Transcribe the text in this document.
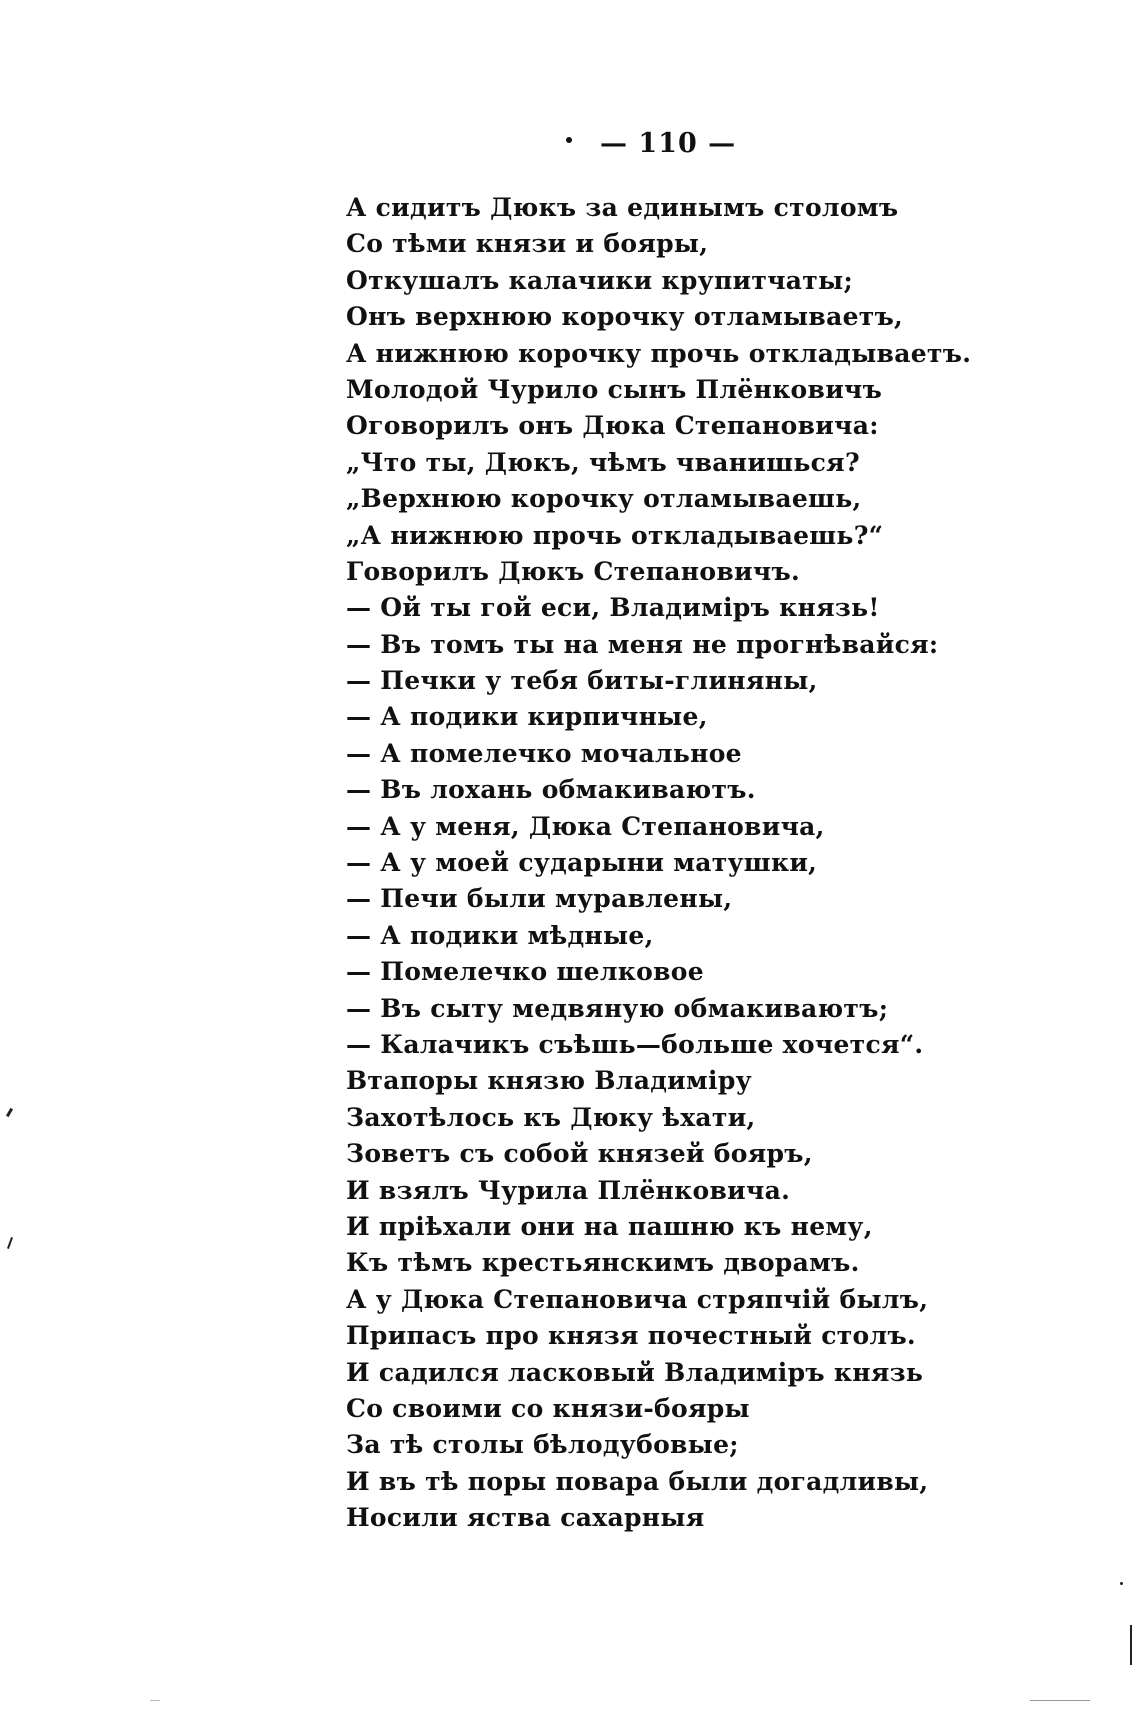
— 110 —
А сидитъ Дюкъ за единымъ столомъ
Со тѣми князи и бояры,
Откушалъ калачики крупитчаты;
Онъ верхнюю корочку отламываетъ,
А нижнюю корочку прочь откладываетъ.
Молодой Чурило сынъ Плёнковичъ
Оговорилъ онъ Дюка Степановича:
„Что ты, Дюкъ, чѣмъ чванишься?
„Верхнюю корочку отламываешь,
„А нижнюю прочь откладываешь?“
Говорилъ Дюкъ Степановичъ.
— Ой ты гой еси, Владиміръ князь!
— Въ томъ ты на меня не прогнѣвайся:
— Печки у тебя биты-глиняны,
— А подики кирпичные,
— А помелечко мочальное
— Въ лохань обмакиваютъ.
— А у меня, Дюка Степановича,
— А у моей сударыни матушки,
— Печи были муравлены,
— А подики мѣдные,
— Помелечко шелковое
— Въ сыту медвяную обмакиваютъ;
— Калачикъ съѣшь—больше хочется“.
Втапоры князю Владиміру
Захотѣлось къ Дюку ѣхати,
Зоветъ съ собой князей бояръ,
И взялъ Чурила Плёнковича.
И пріѣхали они на пашню къ нему,
Къ тѣмъ крестьянскимъ дворамъ.
А у Дюка Степановича стряпчій былъ,
Припасъ про князя почестный столъ.
И садился ласковый Владиміръ князь
Со своими со князи-бояры
За тѣ столы бѣлодубовые;
И въ тѣ поры повара были догадливы,
Носили яства сахарныя
